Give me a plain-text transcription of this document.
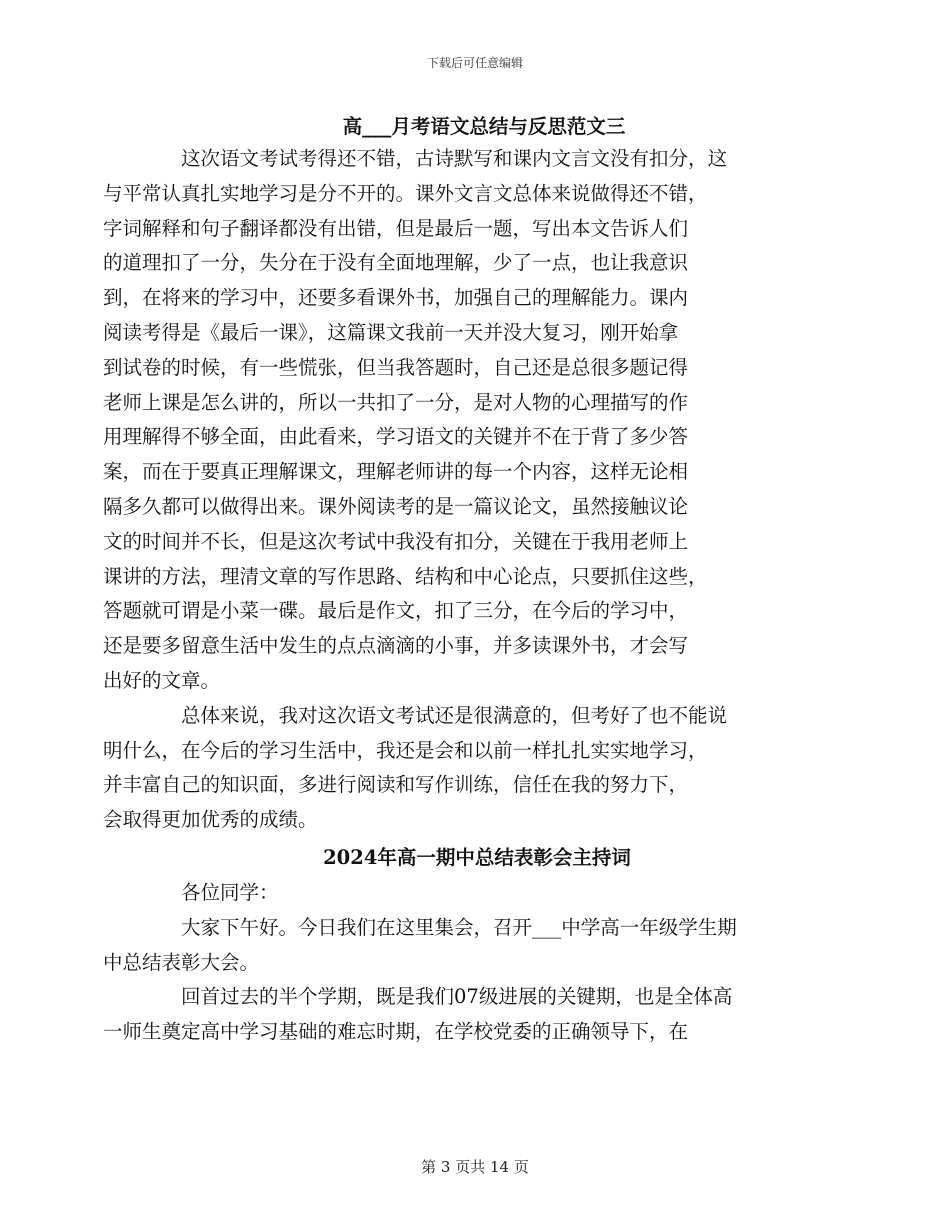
下载后可任意编辑
高___月考语文总结与反思范文三

这次语文考试考得还不错，古诗默写和课内文言文没有扣分，这
与平常认真扎实地学习是分不开的。课外文言文总体来说做得还不错，
字词解释和句子翻译都没有出错，但是最后一题，写出本文告诉人们
的道理扣了一分，失分在于没有全面地理解，少了一点，也让我意识
到，在将来的学习中，还要多看课外书，加强自己的理解能力。课内
阅读考得是《最后一课》，这篇课文我前一天并没大复习，刚开始拿
到试卷的时候，有一些慌张，但当我答题时，自己还是总很多题记得
老师上课是怎么讲的，所以一共扣了一分，是对人物的心理描写的作
用理解得不够全面，由此看来，学习语文的关键并不在于背了多少答
案，而在于要真正理解课文，理解老师讲的每一个内容，这样无论相
隔多久都可以做得出来。课外阅读考的是一篇议论文，虽然接触议论
文的时间并不长，但是这次考试中我没有扣分，关键在于我用老师上
课讲的方法，理清文章的写作思路、结构和中心论点，只要抓住这些，
答题就可谓是小菜一碟。最后是作文，扣了三分，在今后的学习中，
还是要多留意生活中发生的点点滴滴的小事，并多读课外书，才会写
出好的文章。

总体来说，我对这次语文考试还是很满意的，但考好了也不能说
明什么，在今后的学习生活中，我还是会和以前一样扎扎实实地学习，
并丰富自己的知识面，多进行阅读和写作训练，信任在我的努力下，
会取得更加优秀的成绩。

2024年高一期中总结表彰会主持词

各位同学：

大家下午好。今日我们在这里集会，召开___中学高一年级学生期
中总结表彰大会。

回首过去的半个学期，既是我们07级进展的关键期，也是全体高
一师生奠定高中学习基础的难忘时期，在学校党委的正确领导下，在

第 3 页共 14 页
